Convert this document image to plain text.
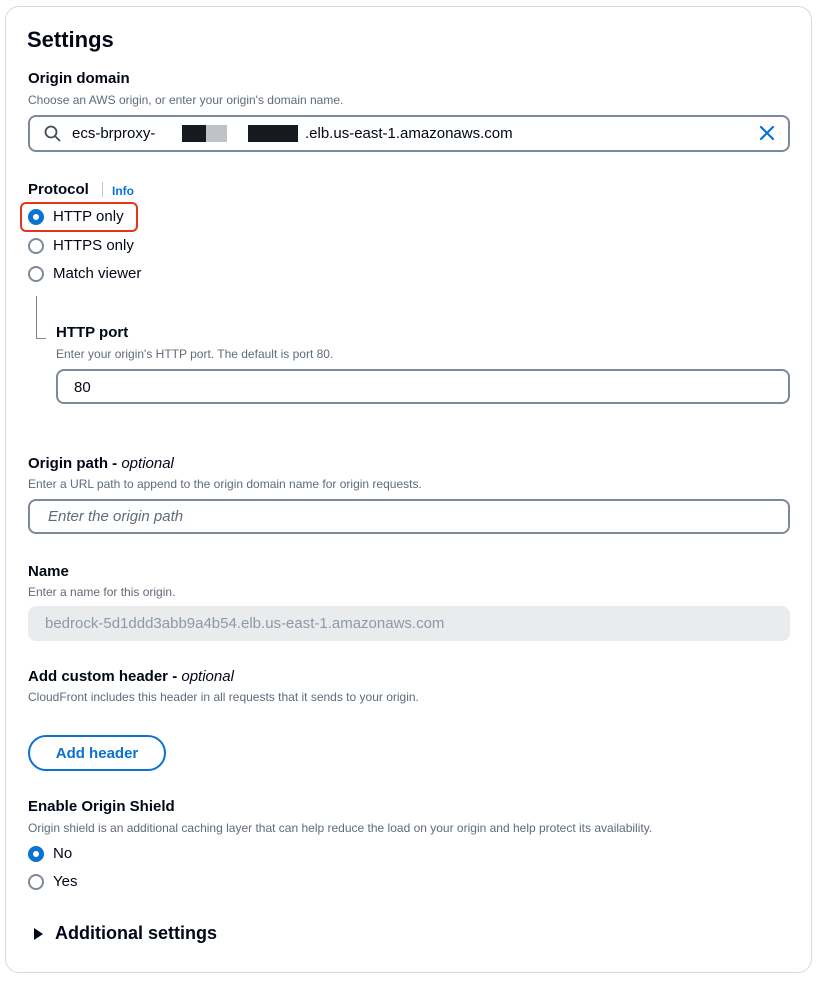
Settings
Origin domain
Choose an AWS origin, or enter your origin's domain name.
ecs-brproxy-	.elb.us-east-1.amazonaws.com
Protocol Info
HTTP only
HTTPS only
Match viewer
HTTP port
Enter your origin's HTTP port. The default is port 80.
80
Origin path - optional
Enter a URL path to append to the origin domain name for origin requests.
Enter the origin path
Name
Enter a name for this origin.
bedrock-5d1ddd3abb9a4b54.elb.us-east-1.amazonaws.com
Add custom header - optional
CloudFront includes this header in all requests that it sends to your origin.
Add header
Enable Origin Shield
Origin shield is an additional caching layer that can help reduce the load on your origin and help protect its availability.
No
Yes
Additional settings
